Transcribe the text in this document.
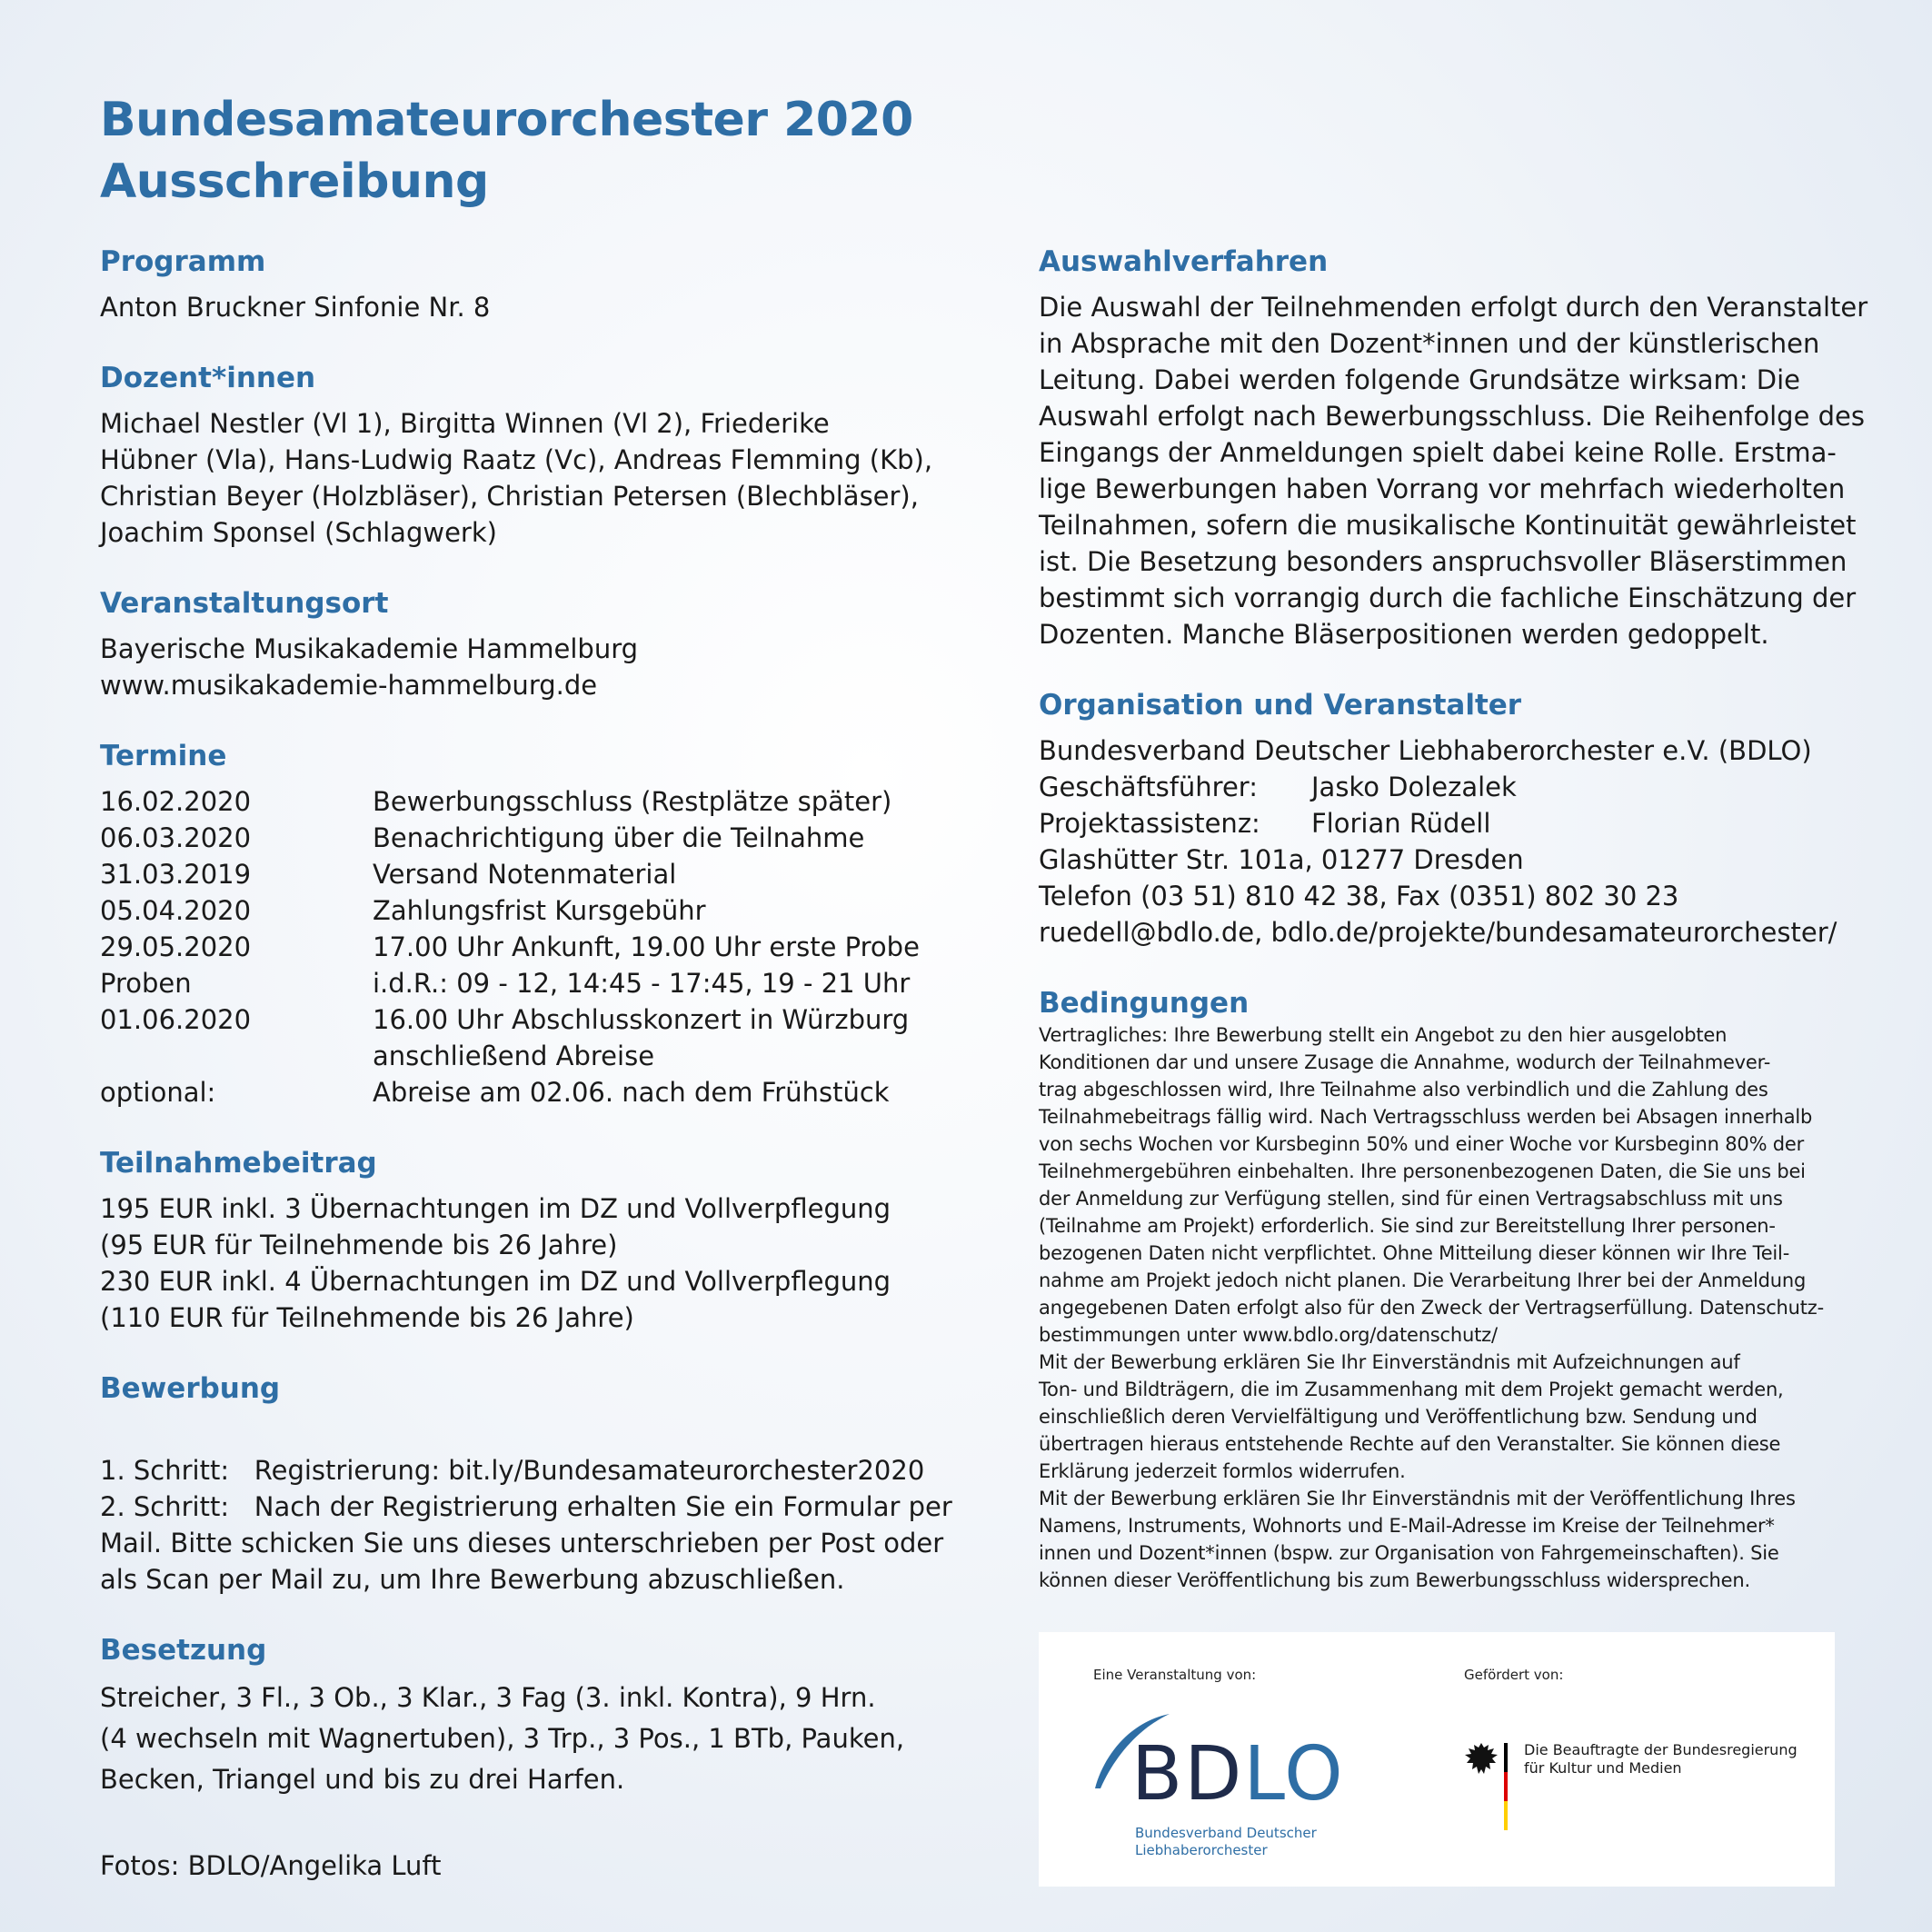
Bundesamateurorchester 2020
Ausschreibung
Programm

Anton Bruckner Sinfonie Nr. 8

Dozent*innen

Michael Nestler (Vl 1), Birgitta Winnen (Vl 2), Friederike
Hübner (Vla), Hans-Ludwig Raatz (Vc), Andreas Flemming (Kb),
Christian Beyer (Holzbläser), Christian Petersen (Blechbläser),
Joachim Sponsel (Schlagwerk)

Veranstaltungsort

Bayerische Musikakademie Hammelburg
www.musikakademie-hammelburg.de

Termine
16.02.2020	Bewerbungsschluss (Restplätze später)
06.03.2020	Benachrichtigung über die Teilnahme
31.03.2019	Versand Notenmaterial
05.04.2020	Zahlungsfrist Kursgebühr
29.05.2020	17.00 Uhr Ankunft, 19.00 Uhr erste Probe
Proben	i.d.R.: 09 - 12, 14:45 - 17:45, 19 - 21 Uhr
01.06.2020	16.00 Uhr Abschlusskonzert in Würzburg
anschließend Abreise
optional:	Abreise am 02.06. nach dem Frühstück
Teilnahmebeitrag

195 EUR inkl. 3 Übernachtungen im DZ und Vollverpflegung
(95 EUR für Teilnehmende bis 26 Jahre)
230 EUR inkl. 4 Übernachtungen im DZ und Vollverpflegung
(110 EUR für Teilnehmende bis 26 Jahre)

Bewerbung

1. Schritt:   Registrierung: bit.ly/Bundesamateurorchester2020
2. Schritt:   Nach der Registrierung erhalten Sie ein Formular per
Mail. Bitte schicken Sie uns dieses unterschrieben per Post oder
als Scan per Mail zu, um Ihre Bewerbung abzuschließen.

Besetzung

Streicher, 3 Fl., 3 Ob., 3 Klar., 3 Fag (3. inkl. Kontra), 9 Hrn.
(4 wechseln mit Wagnertuben), 3 Trp., 3 Pos., 1 BTb, Pauken,
Becken, Triangel und bis zu drei Harfen.

Fotos: BDLO/Angelika Luft

Auswahlverfahren

Die Auswahl der Teilnehmenden erfolgt durch den Veranstalter
in Absprache mit den Dozent*innen und der künstlerischen
Leitung. Dabei werden folgende Grundsätze wirksam: Die
Auswahl erfolgt nach Bewerbungsschluss. Die Reihenfolge des
Eingangs der Anmeldungen spielt dabei keine Rolle. Erstma-
lige Bewerbungen haben Vorrang vor mehrfach wiederholten
Teilnahmen, sofern die musikalische Kontinuität gewährleistet
ist. Die Besetzung besonders anspruchsvoller Bläserstimmen
bestimmt sich vorrangig durch die fachliche Einschätzung der
Dozenten. Manche Bläserpositionen werden gedoppelt.

Organisation und Veranstalter

Bundesverband Deutscher Liebhaberorchester e.V. (BDLO)

Geschäftsführer:	Jasko Dolezalek
Projektassistenz:	Florian Rüdell

Glashütter Str. 101a, 01277 Dresden

Telefon (03 51) 810 42 38, Fax (0351) 802 30 23

ruedell@bdlo.de, bdlo.de/projekte/bundesamateurorchester/

Bedingungen

Vertragliches: Ihre Bewerbung stellt ein Angebot zu den hier ausgelobten
Konditionen dar und unsere Zusage die Annahme, wodurch der Teilnahmever-
trag abgeschlossen wird, Ihre Teilnahme also verbindlich und die Zahlung des
Teilnahmebeitrags fällig wird. Nach Vertragsschluss werden bei Absagen innerhalb
von sechs Wochen vor Kursbeginn 50% und einer Woche vor Kursbeginn 80% der
Teilnehmergebühren einbehalten. Ihre personenbezogenen Daten, die Sie uns bei
der Anmeldung zur Verfügung stellen, sind für einen Vertragsabschluss mit uns
(Teilnahme am Projekt) erforderlich. Sie sind zur Bereitstellung Ihrer personen-
bezogenen Daten nicht verpflichtet. Ohne Mitteilung dieser können wir Ihre Teil-
nahme am Projekt jedoch nicht planen. Die Verarbeitung Ihrer bei der Anmeldung
angegebenen Daten erfolgt also für den Zweck der Vertragserfüllung. Datenschutz-
bestimmungen unter www.bdlo.org/datenschutz/
Mit der Bewerbung erklären Sie Ihr Einverständnis mit Aufzeichnungen auf
Ton- und Bildträgern, die im Zusammenhang mit dem Projekt gemacht werden,
einschließlich deren Vervielfältigung und Veröffentlichung bzw. Sendung und
übertragen hieraus entstehende Rechte auf den Veranstalter. Sie können diese
Erklärung jederzeit formlos widerrufen.
Mit der Bewerbung erklären Sie Ihr Einverständnis mit der Veröffentlichung Ihres
Namens, Instruments, Wohnorts und E-Mail-Adresse im Kreise der Teilnehmer*
innen und Dozent*innen (bspw. zur Organisation von Fahrgemeinschaften). Sie
können dieser Veröffentlichung bis zum Bewerbungsschluss widersprechen.

Eine Veranstaltung von:	Gefördert von:
BDLO
Bundesverband Deutscher
Liebhaberorchester
Die Beauftragte der Bundesregierung
für Kultur und Medien
